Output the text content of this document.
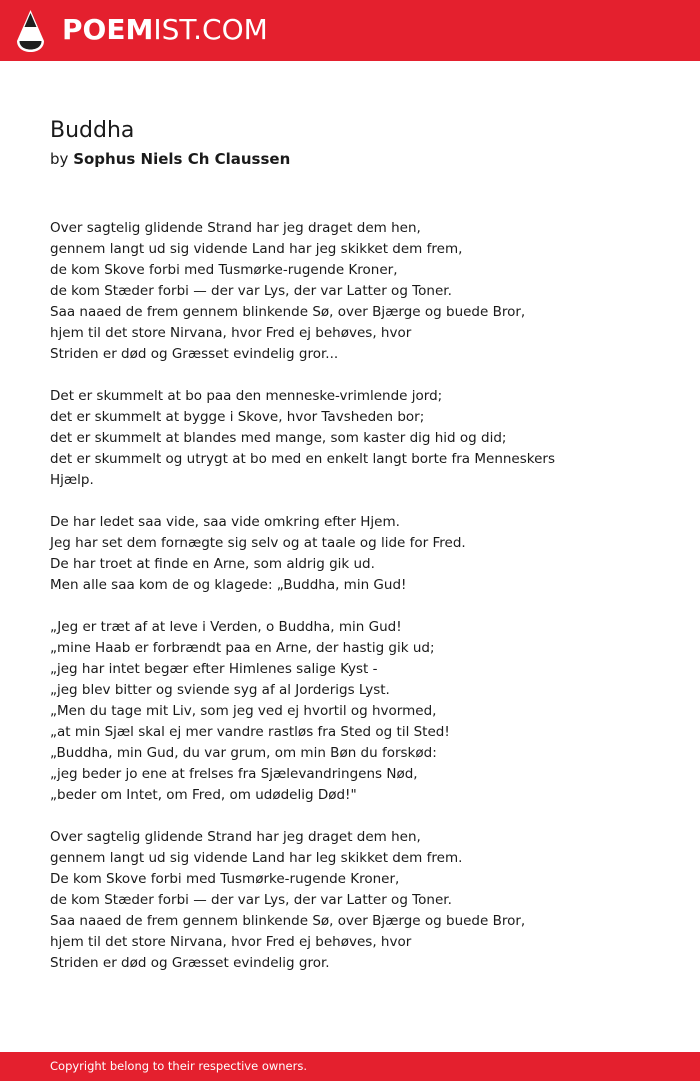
POEMIST.COM
Buddha
by Sophus Niels Ch Claussen
Over sagtelig glidende Strand har jeg draget dem hen,
gennem langt ud sig vidende Land har jeg skikket dem frem,
de kom Skove forbi med Tusmørke-rugende Kroner,
de kom Stæder forbi — der var Lys, der var Latter og Toner.
Saa naaed de frem gennem blinkende Sø, over Bjærge og buede Bror,
hjem til det store Nirvana, hvor Fred ej behøves, hvor
Striden er død og Græsset evindelig gror...
Det er skummelt at bo paa den menneske-vrimlende jord;
det er skummelt at bygge i Skove, hvor Tavsheden bor;
det er skummelt at blandes med mange, som kaster dig hid og did;
det er skummelt og utrygt at bo med en enkelt langt borte fra Menneskers
Hjælp.
De har ledet saa vide, saa vide omkring efter Hjem.
Jeg har set dem fornægte sig selv og at taale og lide for Fred.
De har troet at finde en Arne, som aldrig gik ud.
Men alle saa kom de og klagede: „Buddha, min Gud!
„Jeg er træt af at leve i Verden, o Buddha, min Gud!
„mine Haab er forbrændt paa en Arne, der hastig gik ud;
„jeg har intet begær efter Himlenes salige Kyst -
„jeg blev bitter og sviende syg af al Jorderigs Lyst.
„Men du tage mit Liv, som jeg ved ej hvortil og hvormed,
„at min Sjæl skal ej mer vandre rastløs fra Sted og til Sted!
„Buddha, min Gud, du var grum, om min Bøn du forskød:
„jeg beder jo ene at frelses fra Sjælevandringens Nød,
„beder om Intet, om Fred, om udødelig Død!"
Over sagtelig glidende Strand har jeg draget dem hen,
gennem langt ud sig vidende Land har leg skikket dem frem.
De kom Skove forbi med Tusmørke-rugende Kroner,
de kom Stæder forbi — der var Lys, der var Latter og Toner.
Saa naaed de frem gennem blinkende Sø, over Bjærge og buede Bror,
hjem til det store Nirvana, hvor Fred ej behøves, hvor
Striden er død og Græsset evindelig gror.
Copyright belong to their respective owners.
